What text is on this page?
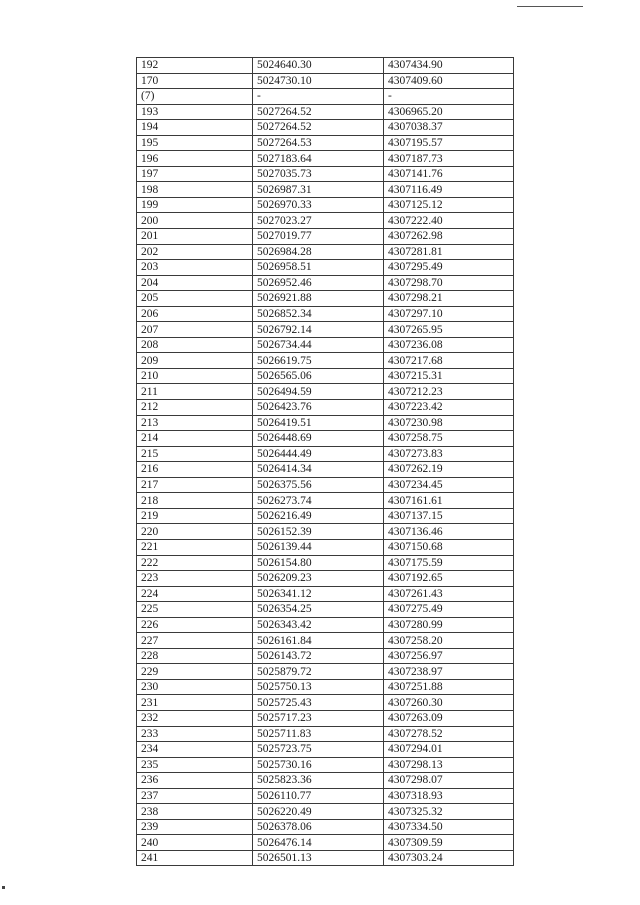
192	5024640.30	4307434.90
170	5024730.10	4307409.60
(7)	-	-
193	5027264.52	4306965.20
194	5027264.52	4307038.37
195	5027264.53	4307195.57
196	5027183.64	4307187.73
197	5027035.73	4307141.76
198	5026987.31	4307116.49
199	5026970.33	4307125.12
200	5027023.27	4307222.40
201	5027019.77	4307262.98
202	5026984.28	4307281.81
203	5026958.51	4307295.49
204	5026952.46	4307298.70
205	5026921.88	4307298.21
206	5026852.34	4307297.10
207	5026792.14	4307265.95
208	5026734.44	4307236.08
209	5026619.75	4307217.68
210	5026565.06	4307215.31
211	5026494.59	4307212.23
212	5026423.76	4307223.42
213	5026419.51	4307230.98
214	5026448.69	4307258.75
215	5026444.49	4307273.83
216	5026414.34	4307262.19
217	5026375.56	4307234.45
218	5026273.74	4307161.61
219	5026216.49	4307137.15
220	5026152.39	4307136.46
221	5026139.44	4307150.68
222	5026154.80	4307175.59
223	5026209.23	4307192.65
224	5026341.12	4307261.43
225	5026354.25	4307275.49
226	5026343.42	4307280.99
227	5026161.84	4307258.20
228	5026143.72	4307256.97
229	5025879.72	4307238.97
230	5025750.13	4307251.88
231	5025725.43	4307260.30
232	5025717.23	4307263.09
233	5025711.83	4307278.52
234	5025723.75	4307294.01
235	5025730.16	4307298.13
236	5025823.36	4307298.07
237	5026110.77	4307318.93
238	5026220.49	4307325.32
239	5026378.06	4307334.50
240	5026476.14	4307309.59
241	5026501.13	4307303.24
